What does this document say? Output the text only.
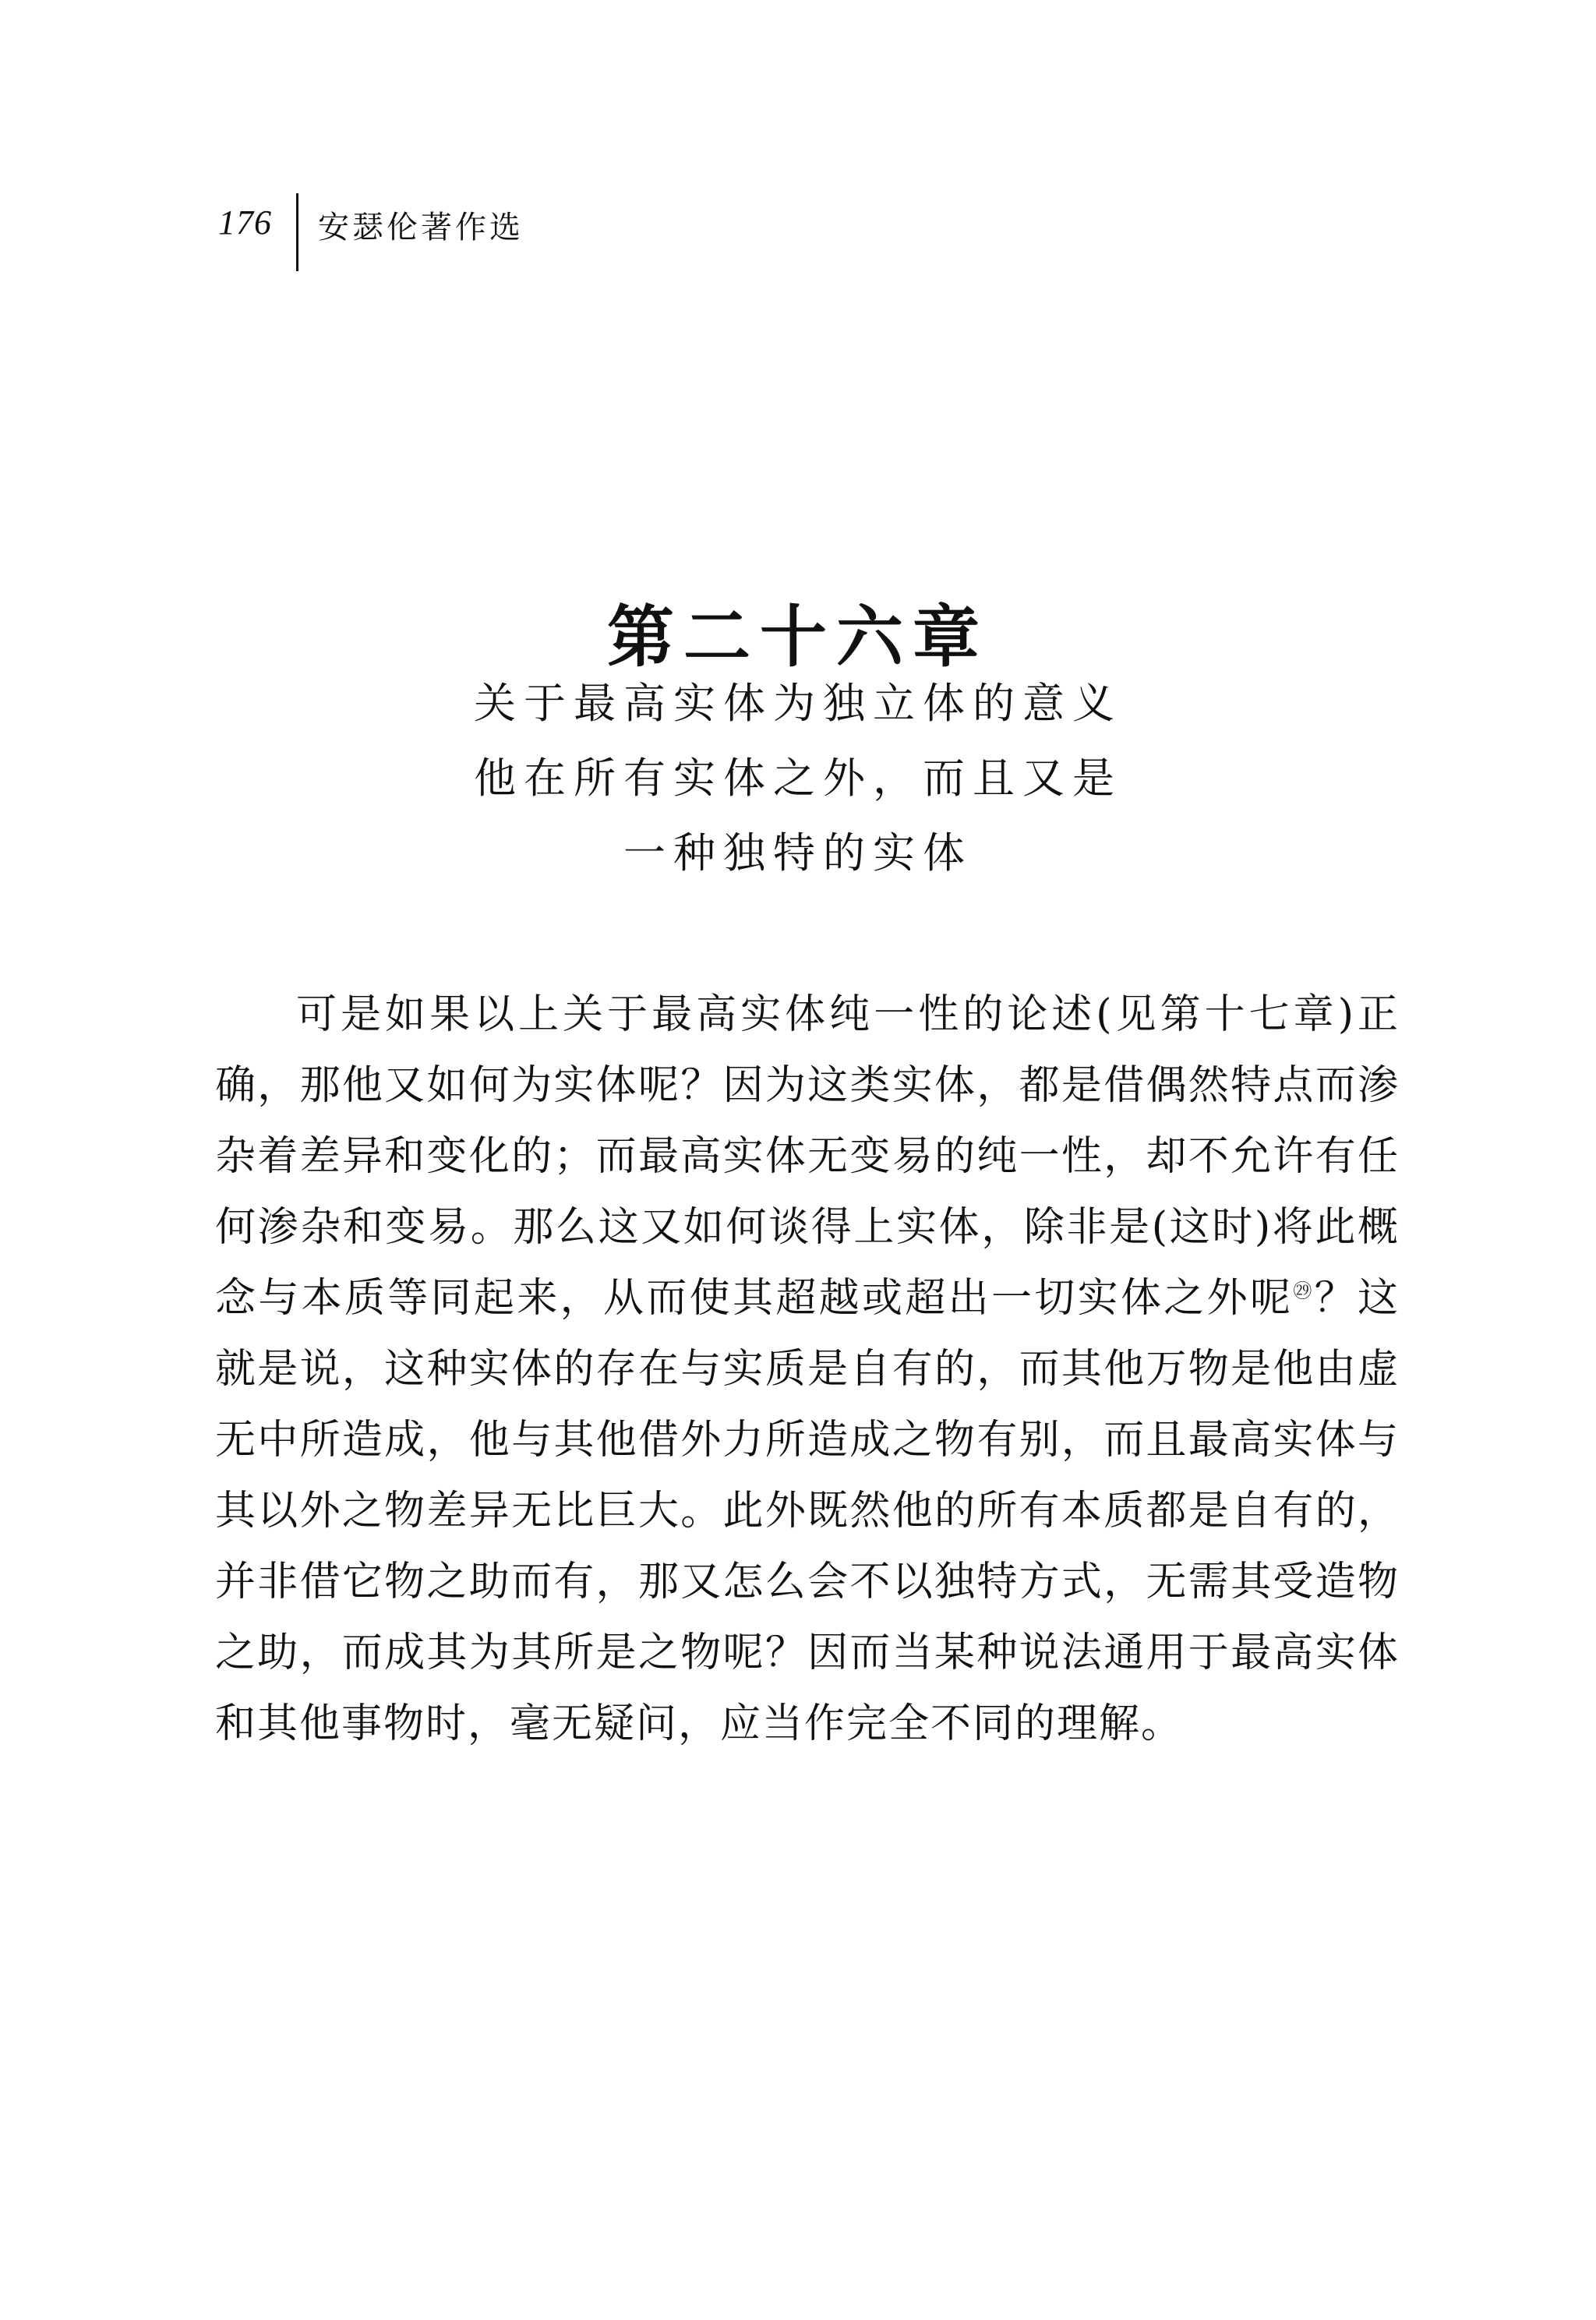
176 安瑟伦著作选
第二十六章
关于最高实体为独立体的意义
他在所有实体之外，而且又是
一种独特的实体

可是如果以上关于最高实体纯一性的论述(见第十七章)正确，那他又如何为实体呢？因为这类实体，都是借偶然特点而渗杂着差异和变化的；而最高实体无变易的纯一性，却不允许有任何渗杂和变易。那么这又如何谈得上实体，除非是(这时)将此概念与本质等同起来，从而使其超越或超出一切实体之外呢$^㉙$？这就是说，这种实体的存在与实质是自有的，而其他万物是他由虚无中所造成，他与其他借外力所造成之物有别，而且最高实体与其以外之物差异无比巨大。此外既然他的所有本质都是自有的，并非借它物之助而有，那又怎么会不以独特方式，无需其受造物之助，而成其为其所是之物呢？因而当某种说法通用于最高实体和其他事物时，毫无疑问，应当作完全不同的理解。
